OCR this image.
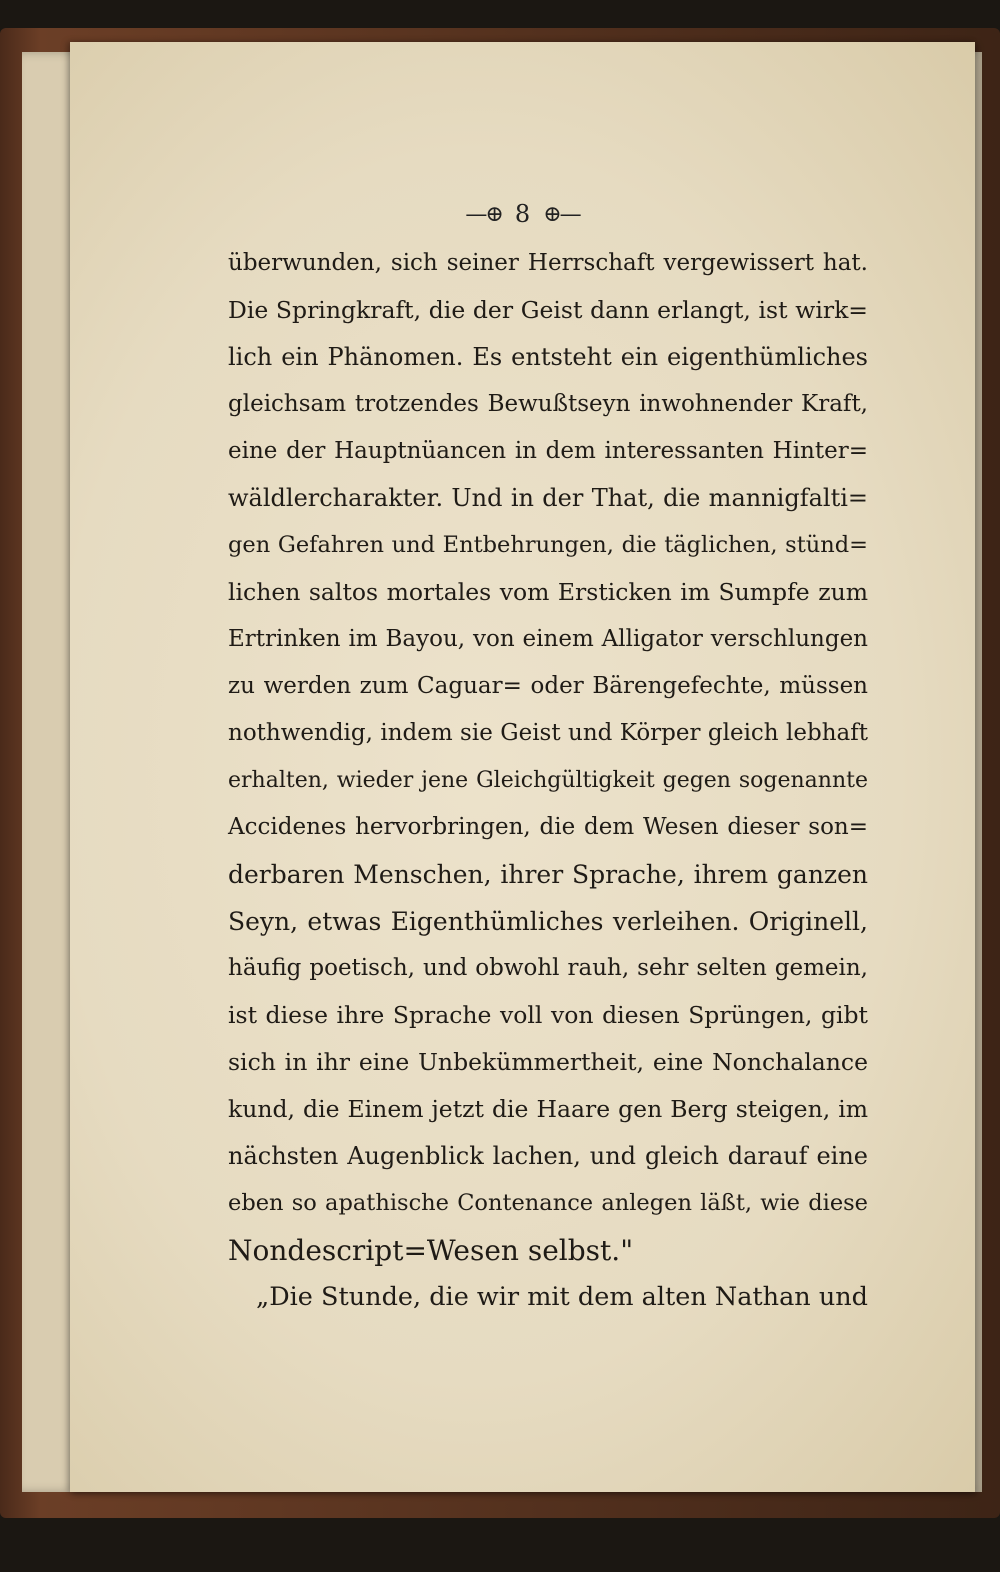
—⊕ 8 ⊕—
überwunden, sich seiner Herrschaft vergewissert hat.
Die Springkraft, die der Geist dann erlangt, ist wirk=
lich ein Phänomen. Es entsteht ein eigenthümliches
gleichsam trotzendes Bewußtseyn inwohnender Kraft,
eine der Hauptnüancen in dem interessanten Hinter=
wäldlercharakter. Und in der That, die mannigfalti=
gen Gefahren und Entbehrungen, die täglichen, stünd=
lichen saltos mortales vom Ersticken im Sumpfe zum
Ertrinken im Bayou, von einem Alligator verschlungen
zu werden zum Caguar= oder Bärengefechte, müssen
nothwendig, indem sie Geist und Körper gleich lebhaft
erhalten, wieder jene Gleichgültigkeit gegen sogenannte
Accidenes hervorbringen, die dem Wesen dieser son=
derbaren Menschen, ihrer Sprache, ihrem ganzen
Seyn, etwas Eigenthümliches verleihen. Originell,
häufig poetisch, und obwohl rauh, sehr selten gemein,
ist diese ihre Sprache voll von diesen Sprüngen, gibt
sich in ihr eine Unbekümmertheit, eine Nonchalance
kund, die Einem jetzt die Haare gen Berg steigen, im
nächsten Augenblick lachen, und gleich darauf eine
eben so apathische Contenance anlegen läßt, wie diese
Nondescript=Wesen selbst."
„Die Stunde, die wir mit dem alten Nathan und
